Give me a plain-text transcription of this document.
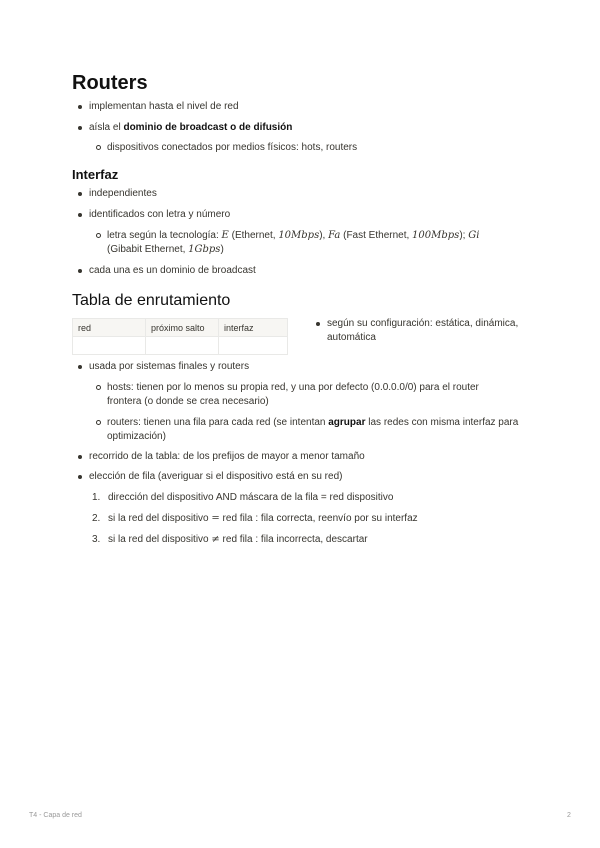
Routers
implementan hasta el nivel de red
aísla el dominio de broadcast o de difusión
dispositivos conectados por medios físicos: hots, routers
Interfaz
independientes
identificados con letra y número
letra según la tecnología: E (Ethernet, 10Mbps), Fa (Fast Ethernet, 100Mbps); Gi
(Gibabit Ethernet, 1Gbps)
cada una es un dominio de broadcast
Tabla de enrutamiento
red	próximo salto	interfaz
			según su configuración: estática, dinámica, automática
usada por sistemas finales y routers
hosts: tienen por lo menos su propia red, y una por defecto (0.0.0.0/0) para el router frontera (o donde se crea necesario)
routers: tienen una fila para cada red (se intentan agrupar las redes con misma interfaz para optimización)
recorrido de la tabla: de los prefijos de mayor a menor tamaño
elección de fila (averiguar si el dispositivo está en su red)
1. dirección del dispositivo AND máscara de la fila = red dispositivo
2. si la red del dispositivo = red fila : fila correcta, reenvío por su interfaz
3. si la red del dispositivo ≠ red fila : fila incorrecta, descartar
T4 - Capa de red	2
